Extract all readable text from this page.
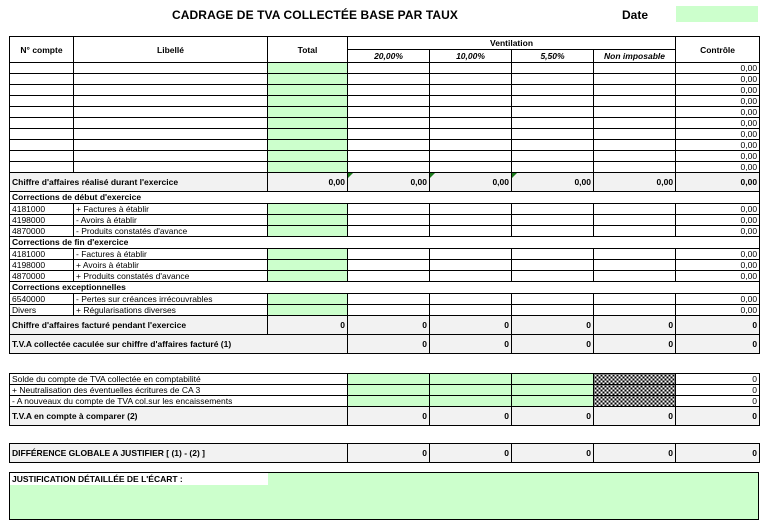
CADRAGE DE TVA COLLECTÉE BASE PAR TAUX	Date
N° compte	Libellé	Total	Ventilation				Contrôle
			20,00%	10,00%	5,50%	Non imposable	
							0,00
							0,00
							0,00
							0,00
							0,00
							0,00
							0,00
							0,00
							0,00
							0,00
Chiffre d'affaires réalisé durant l'exercice		0,00	0,00	0,00	0,00	0,00	0,00
Corrections de début d'exercice							
4181000	+ Factures à établir						0,00
4198000	- Avoirs à établir						0,00
4870000	- Produits constatés d'avance						0,00
Corrections de fin d'exercice							
4181000	- Factures à établir						0,00
4198000	+ Avoirs à établir						0,00
4870000	+ Produits constatés d'avance						0,00
Corrections exceptionnelles							
6540000	- Pertes sur créances irrécouvrables						0,00
Divers	+ Régularisations diverses						0,00
Chiffre d'affaires facturé pendant l'exercice		0	0	0	0	0	0
T.V.A collectée caculée sur chiffre d'affaires facturé (1)			0	0	0	0	0
Solde du compte de TVA collectée en comptabilité					0
+ Neutralisation des éventuelles écritures de CA 3					0
- A nouveaux du compte de TVA col.sur les encaissements					0
T.V.A en compte à comparer (2)	0	0	0	0	0
DIFFÉRENCE GLOBALE A JUSTIFIER [ (1) - (2) ]	0	0	0	0	0
JUSTIFICATION DÉTAILLÉE DE L'ÉCART :
